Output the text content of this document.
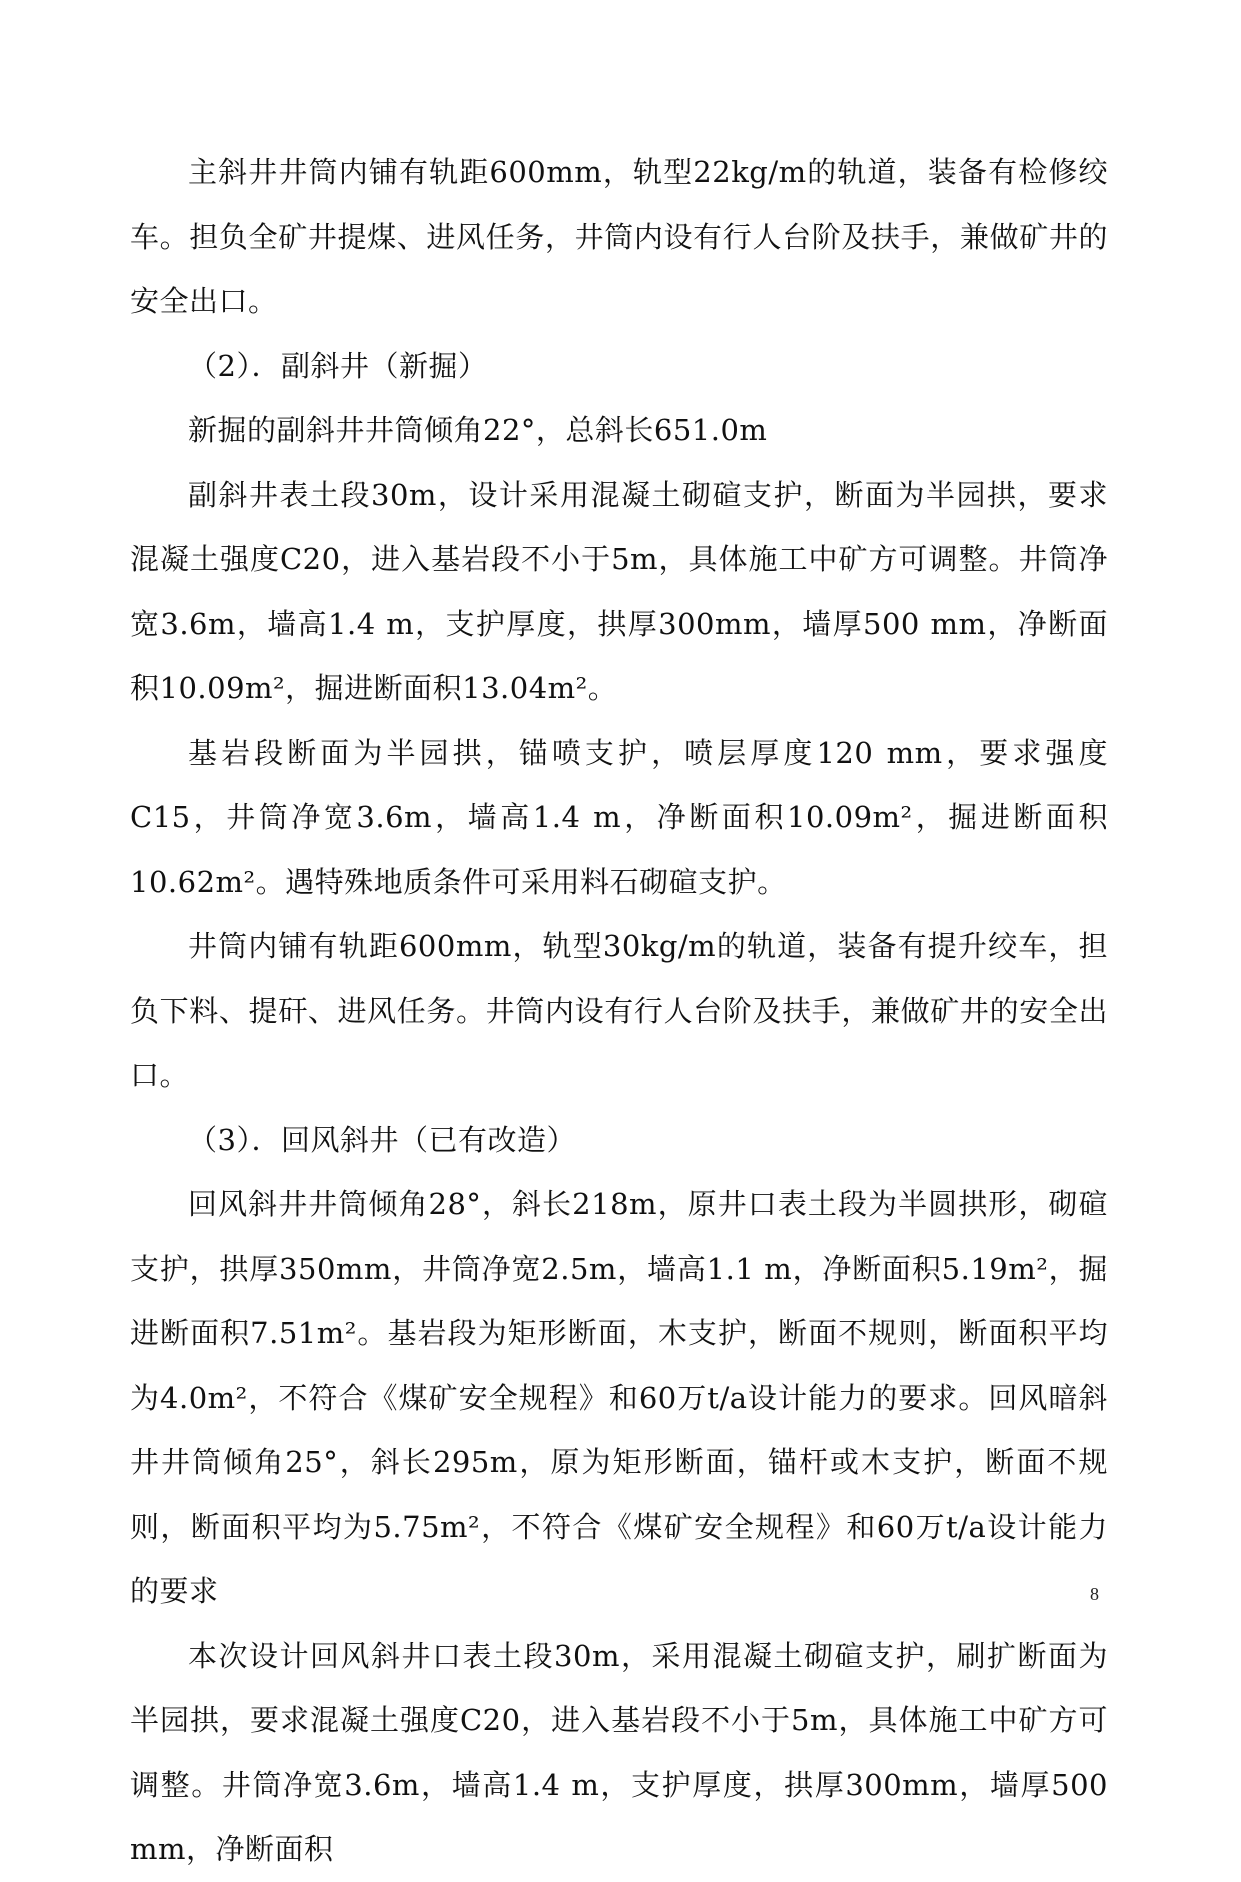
主斜井井筒内铺有轨距600mm，轨型22kg/m的轨道，装备有检修绞车。担负全矿井提煤、进风任务，井筒内设有行人台阶及扶手，兼做矿井的安全出口。

（2）．副斜井（新掘）

新掘的副斜井井筒倾角22°，总斜长651.0m

副斜井表土段30m，设计采用混凝土砌碹支护，断面为半园拱，要求混凝土强度C20，进入基岩段不小于5m，具体施工中矿方可调整。井筒净宽3.6m，墙高1.4 m，支护厚度，拱厚300mm，墙厚500 mm，净断面积10.09m²，掘进断面积13.04m²。

基岩段断面为半园拱，锚喷支护，喷层厚度120 mm，要求强度C15，井筒净宽3.6m，墙高1.4 m，净断面积10.09m²，掘进断面积10.62m²。遇特殊地质条件可采用料石砌碹支护。

井筒内铺有轨距600mm，轨型30kg/m的轨道，装备有提升绞车，担负下料、提矸、进风任务。井筒内设有行人台阶及扶手，兼做矿井的安全出口。

（3）．回风斜井（已有改造）

回风斜井井筒倾角28°，斜长218m，原井口表土段为半圆拱形，砌碹支护，拱厚350mm，井筒净宽2.5m，墙高1.1 m，净断面积5.19m²，掘进断面积7.51m²。基岩段为矩形断面，木支护，断面不规则，断面积平均为4.0m²，不符合《煤矿安全规程》和60万t/a设计能力的要求。回风暗斜井井筒倾角25°，斜长295m，原为矩形断面，锚杆或木支护，断面不规则，断面积平均为5.75m²，不符合《煤矿安全规程》和60万t/a设计能力的要求

本次设计回风斜井口表土段30m，采用混凝土砌碹支护，刷扩断面为半园拱，要求混凝土强度C20，进入基岩段不小于5m，具体施工中矿方可调整。井筒净宽3.6m，墙高1.4 m，支护厚度，拱厚300mm，墙厚500 mm，净断面积

8
